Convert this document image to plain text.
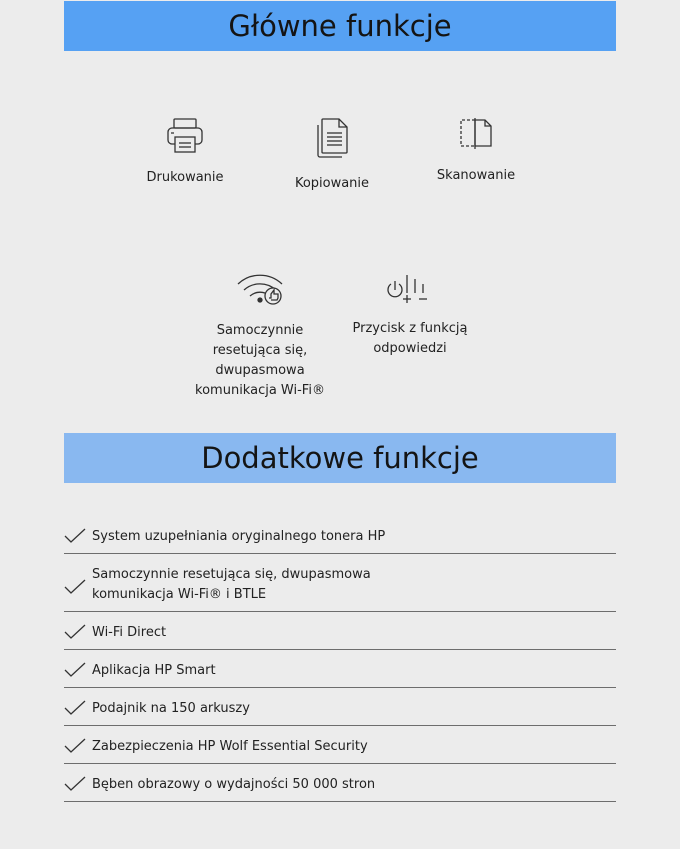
Główne funkcje
Drukowanie	Kopiowanie
Skanowanie
Samoczynnie resetująca się, dwupasmowa komunikacja Wi-Fi®
Przycisk z funkcją odpowiedzi
Dodatkowe funkcje
System uzupełniania oryginalnego tonera HP
Samoczynnie resetująca się, dwupasmowa komunikacja Wi-Fi® i BTLE
Wi-Fi Direct
Aplikacja HP Smart
Podajnik na 150 arkuszy
Zabezpieczenia HP Wolf Essential Security
Bęben obrazowy o wydajności 50 000 stron
